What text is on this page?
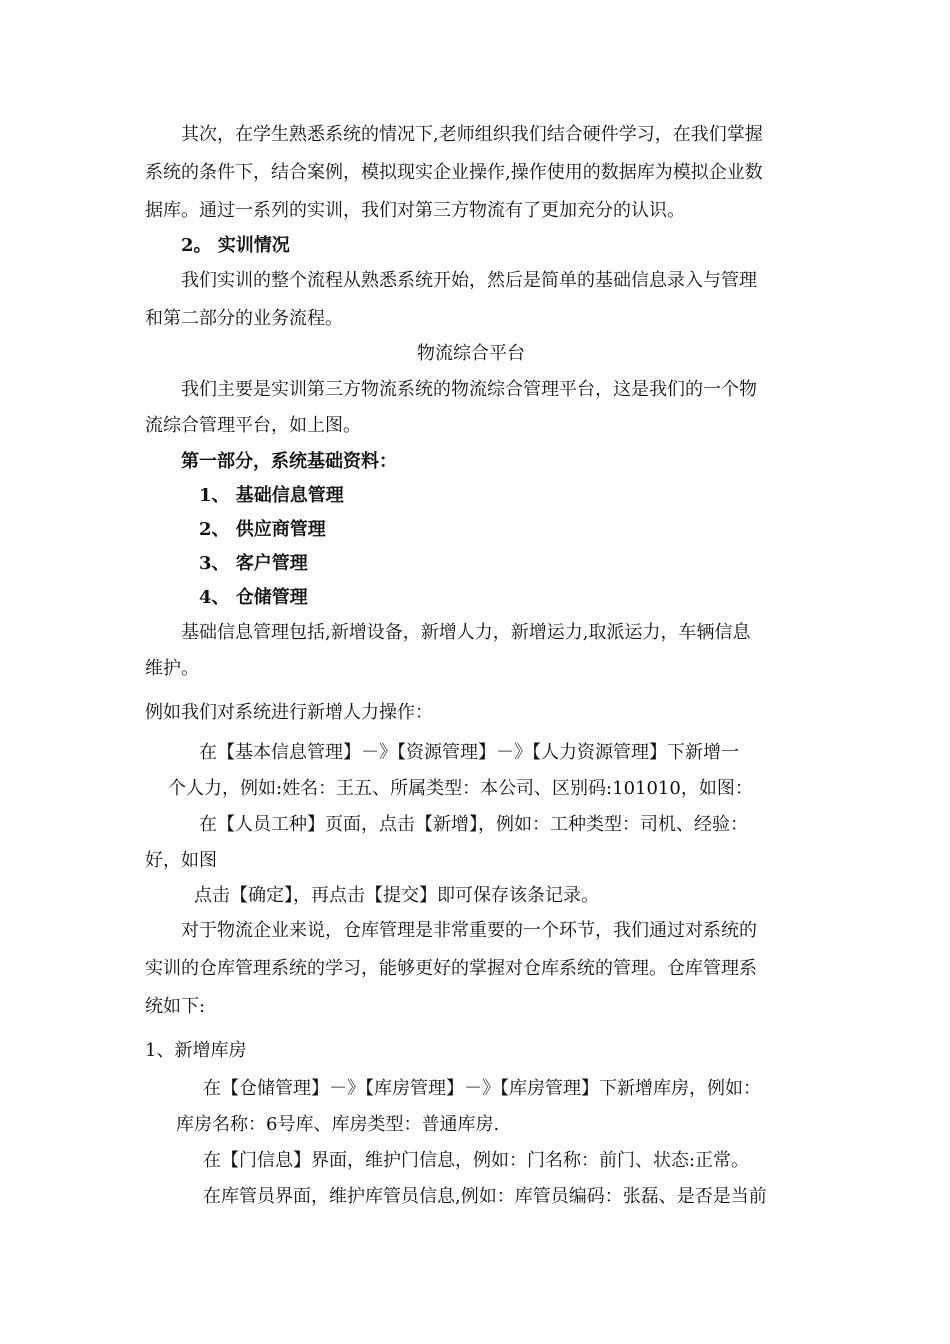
其次，在学生熟悉系统的情况下,老师组织我们结合硬件学习，在我们掌握
系统的条件下，结合案例，模拟现实企业操作,操作使用的数据库为模拟企业数
据库。通过一系列的实训，我们对第三方物流有了更加充分的认识。
2。 实训情况
我们实训的整个流程从熟悉系统开始，然后是简单的基础信息录入与管理
和第二部分的业务流程。
物流综合平台
我们主要是实训第三方物流系统的物流综合管理平台，这是我们的一个物
流综合管理平台，如上图。
第一部分，系统基础资料：
1、 基础信息管理
2、 供应商管理
3、 客户管理
4、 仓储管理
基础信息管理包括,新增设备，新增人力，新增运力,取派运力，车辆信息
维护。
例如我们对系统进行新增人力操作：
在【基本信息管理】－》【资源管理】－》【人力资源管理】下新增一
个人力，例如:姓名：王五、所属类型：本公司、区别码:101010，如图：
在【人员工种】页面，点击【新增】，例如：工种类型：司机、经验：
好，如图
点击【确定】，再点击【提交】即可保存该条记录。
对于物流企业来说，仓库管理是非常重要的一个环节，我们通过对系统的
实训的仓库管理系统的学习，能够更好的掌握对仓库系统的管理。仓库管理系
统如下:
1、新增库房
在【仓储管理】－》【库房管理】－》【库房管理】下新增库房，例如：
库房名称：6号库、库房类型：普通库房.
在【门信息】界面，维护门信息，例如：门名称：前门、状态:正常。
在库管员界面，维护库管员信息,例如：库管员编码：张磊、是否是当前
